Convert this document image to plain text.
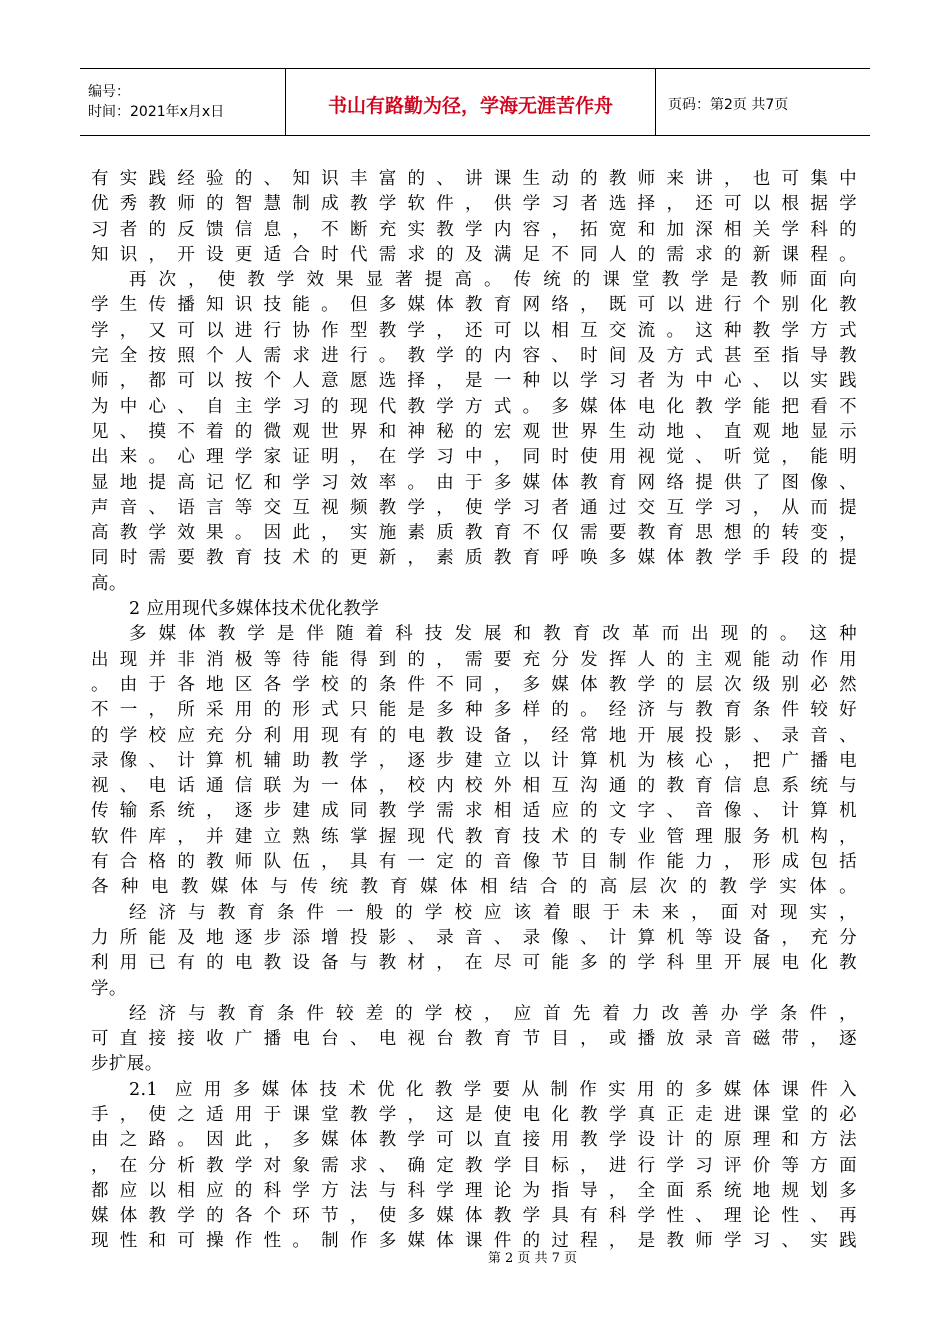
编号：
时间：2021年x月x日	书山有路勤为径，学海无涯苦作舟	页码：第2页 共7页
有实践经验的、知识丰富的、讲课生动的教师来讲，也可集中
优秀教师的智慧制成教学软件，供学习者选择，还可以根据学
习者的反馈信息，不断充实教学内容，拓宽和加深相关学科的
知识，开设更适合时代需求的及满足不同人的需求的新课程。
再次，使教学效果显著提高。传统的课堂教学是教师面向
学生传播知识技能。但多媒体教育网络，既可以进行个别化教
学，又可以进行协作型教学，还可以相互交流。这种教学方式
完全按照个人需求进行。教学的内容、时间及方式甚至指导教
师，都可以按个人意愿选择，是一种以学习者为中心、以实践
为中心、自主学习的现代教学方式。多媒体电化教学能把看不
见、摸不着的微观世界和神秘的宏观世界生动地、直观地显示
出来。心理学家证明，在学习中，同时使用视觉、听觉，能明
显地提高记忆和学习效率。由于多媒体教育网络提供了图像、
声音、语言等交互视频教学，使学习者通过交互学习，从而提
高教学效果。因此，实施素质教育不仅需要教育思想的转变，
同时需要教育技术的更新，素质教育呼唤多媒体教学手段的提
高。
2 应用现代多媒体技术优化教学
多媒体教学是伴随着科技发展和教育改革而出现的。这种
出现并非消极等待能得到的，需要充分发挥人的主观能动作用
。由于各地区各学校的条件不同，多媒体教学的层次级别必然
不一，所采用的形式只能是多种多样的。经济与教育条件较好
的学校应充分利用现有的电教设备，经常地开展投影、录音、
录像、计算机辅助教学，逐步建立以计算机为核心，把广播电
视、电话通信联为一体，校内校外相互沟通的教育信息系统与
传输系统，逐步建成同教学需求相适应的文字、音像、计算机
软件库，并建立熟练掌握现代教育技术的专业管理服务机构，
有合格的教师队伍，具有一定的音像节目制作能力，形成包括
各种电教媒体与传统教育媒体相结合的高层次的教学实体。
经济与教育条件一般的学校应该着眼于未来，面对现实，
力所能及地逐步添增投影、录音、录像、计算机等设备，充分
利用已有的电教设备与教材，在尽可能多的学科里开展电化教
学。
经济与教育条件较差的学校，应首先着力改善办学条件，
可直接接收广播电台、电视台教育节目，或播放录音磁带，逐
步扩展。
2.1 应用多媒体技术优化教学要从制作实用的多媒体课件入
手，使之适用于课堂教学，这是使电化教学真正走进课堂的必
由之路。因此，多媒体教学可以直接用教学设计的原理和方法
，在分析教学对象需求、确定教学目标，进行学习评价等方面
都应以相应的科学方法与科学理论为指导，全面系统地规划多
媒体教学的各个环节，使多媒体教学具有科学性、理论性、再
现性和可操作性。制作多媒体课件的过程，是教师学习、实践
第 2 页 共 7 页
